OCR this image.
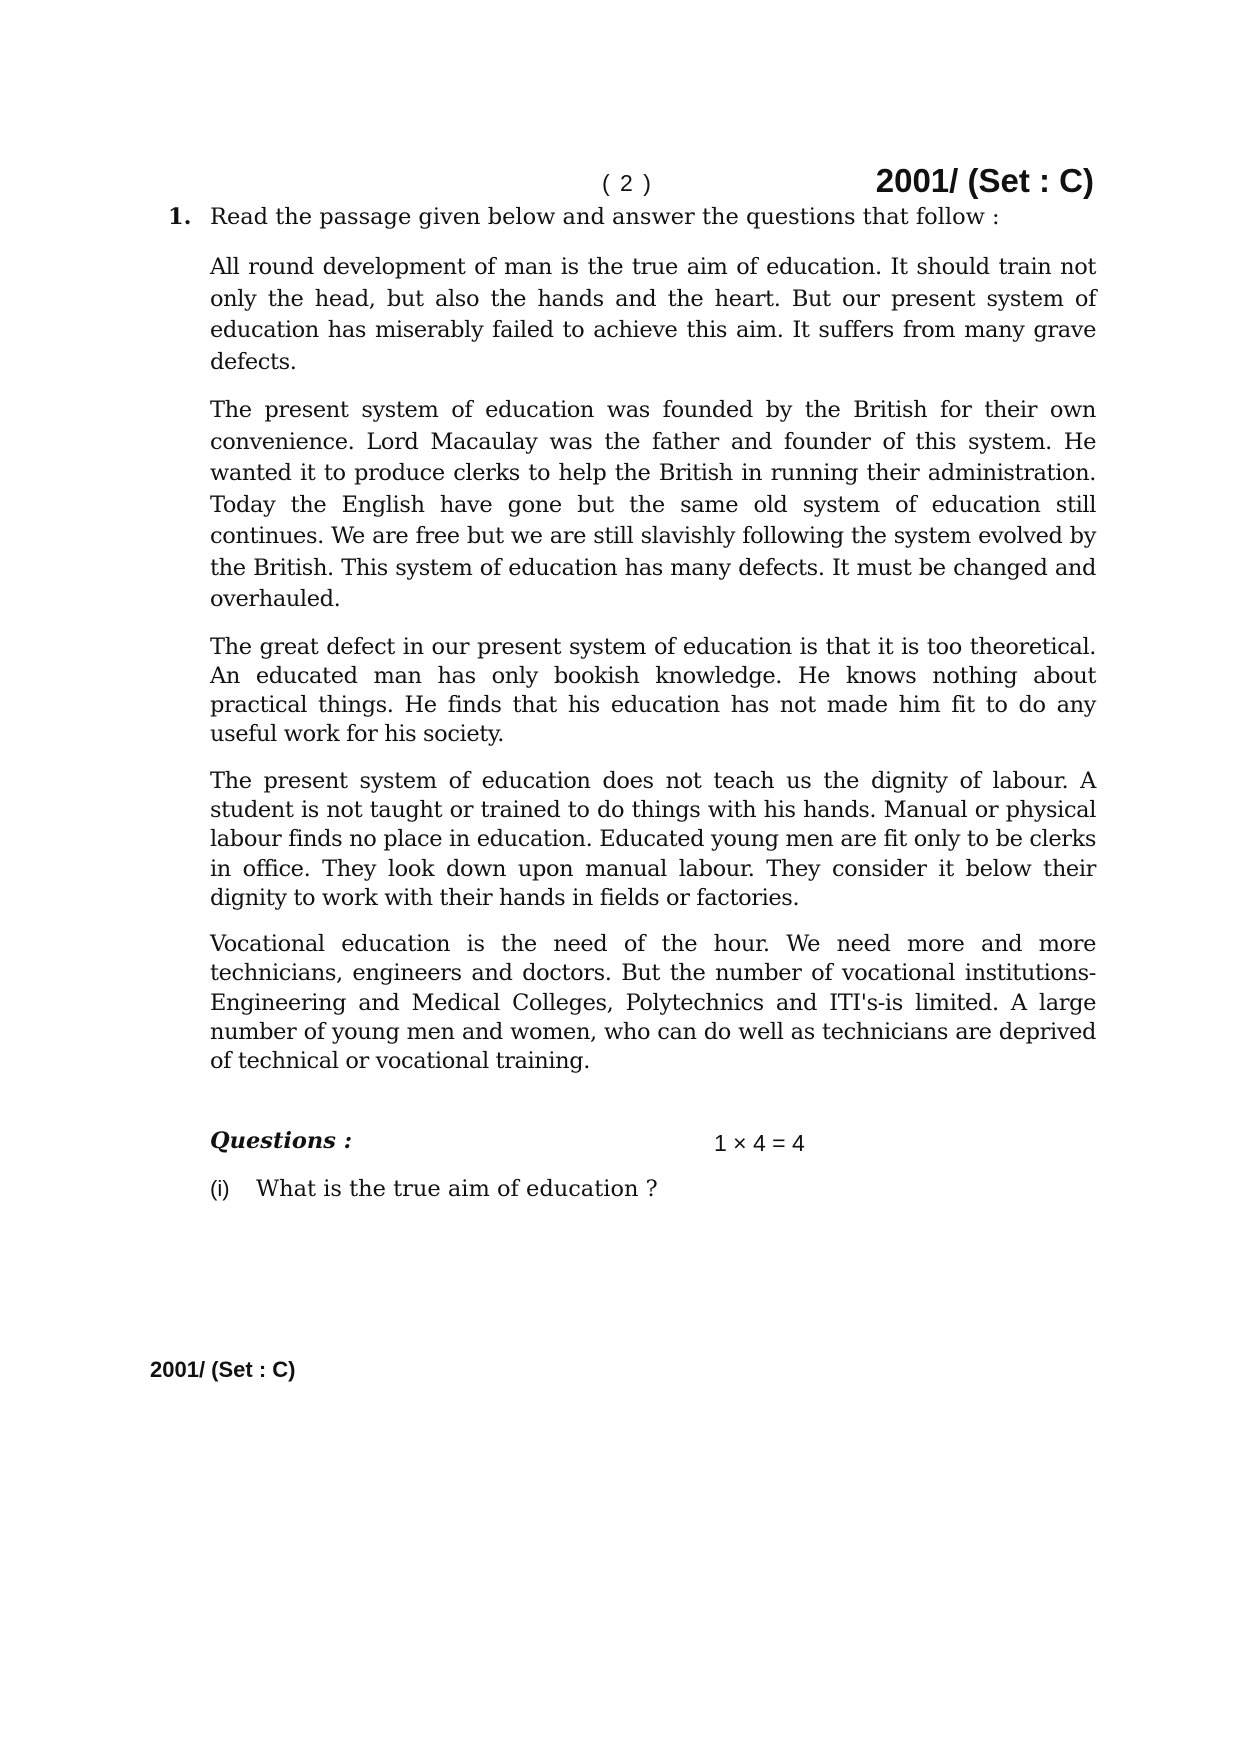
( 2 )	2001/ (Set : C)
1. Read the passage given below and answer the questions that follow :

All round development of man is the true aim of education. It should train not only the head, but also the hands and the heart. But our present system of education has miserably failed to achieve this aim. It suffers from many grave defects.

The present system of education was founded by the British for their own convenience. Lord Macaulay was the father and founder of this system. He wanted it to produce clerks to help the British in running their administration. Today the English have gone but the same old system of education still continues. We are free but we are still slavishly following the system evolved by the British. This system of education has many defects. It must be changed and overhauled.

The great defect in our present system of education is that it is too theoretical. An educated man has only bookish knowledge. He knows nothing about practical things. He finds that his education has not made him fit to do any useful work for his society.

The present system of education does not teach us the dignity of labour. A student is not taught or trained to do things with his hands. Manual or physical labour finds no place in education. Educated young men are fit only to be clerks in office. They look down upon manual labour. They consider it below their dignity to work with their hands in fields or factories.

Vocational education is the need of the hour. We need more and more technicians, engineers and doctors. But the number of vocational institutions-Engineering and Medical Colleges, Polytechnics and ITI's-is limited. A large number of young men and women, who can do well as technicians are deprived of technical or vocational training.

Questions :	1 × 4 = 4
(i) What is the true aim of education ?
2001/ (Set : C)
